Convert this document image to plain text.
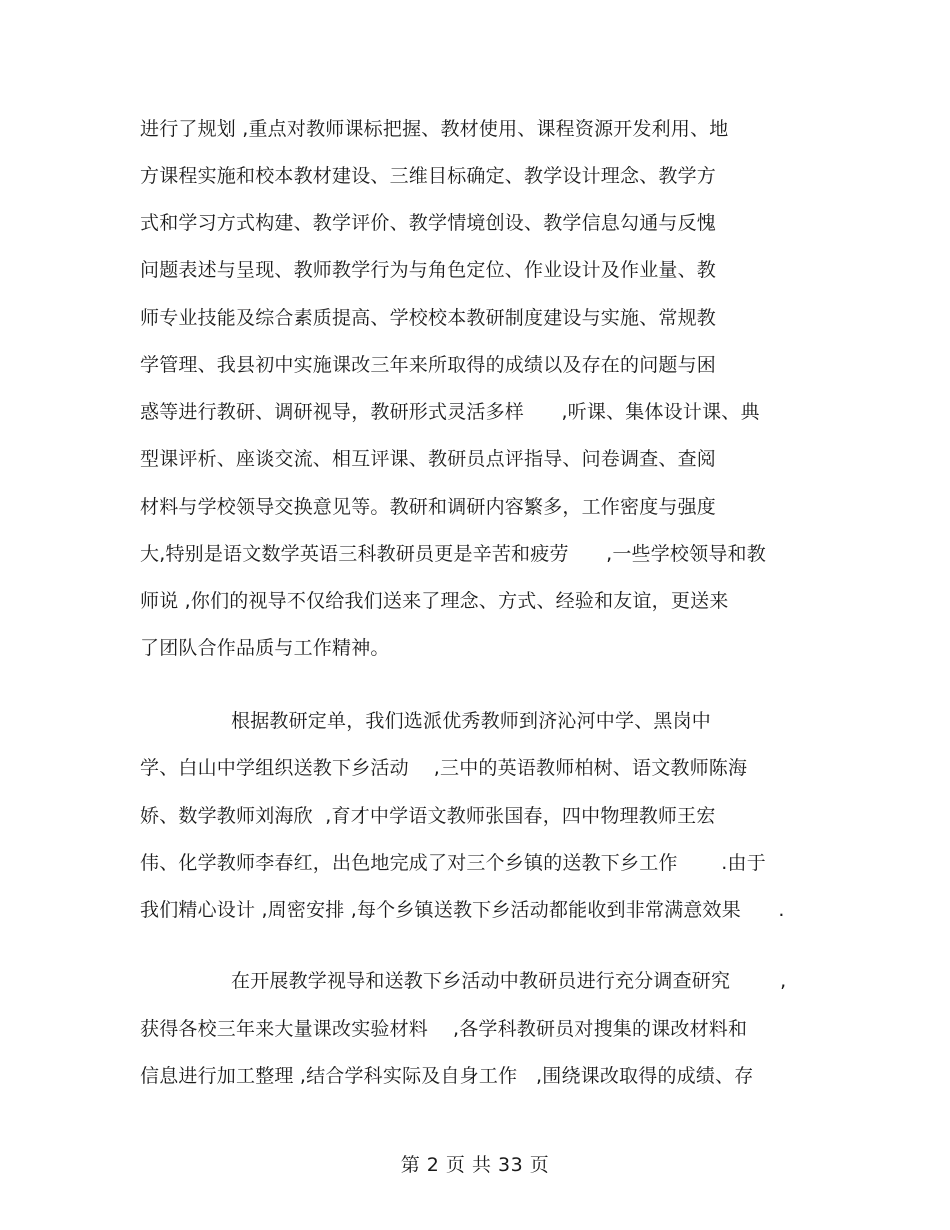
进行了规划 ,重点对教师课标把握、教材使用、课程资源开发利用、地
方课程实施和校本教材建设、三维目标确定、教学设计理念、教学方
式和学习方式构建、教学评价、教学情境创设、教学信息勾通与反愧
问题表述与呈现、教师教学行为与角色定位、作业设计及作业量、教
师专业技能及综合素质提高、学校校本教研制度建设与实施、常规教
学管理、我县初中实施课改三年来所取得的成绩以及存在的问题与困
惑等进行教研、调研视导，教研形式灵活多样      ,听课、集体设计课、典
型课评析、座谈交流、相互评课、教研员点评指导、问卷调查、查阅
材料与学校领导交换意见等。教研和调研内容繁多，工作密度与强度
大,特别是语文数学英语三科教研员更是辛苦和疲劳      ,一些学校领导和教
师说 ,你们的视导不仅给我们送来了理念、方式、经验和友谊，更送来
了团队合作品质与工作精神。
根据教研定单，我们选派优秀教师到济沁河中学、黑岗中
学、白山中学组织送教下乡活动    ,三中的英语教师柏树、语文教师陈海
娇、数学教师刘海欣  ,育才中学语文教师张国春，四中物理教师王宏
伟、化学教师李春红，出色地完成了对三个乡镇的送教下乡工作       .由于
我们精心设计 ,周密安排 ,每个乡镇送教下乡活动都能收到非常满意效果      .
在开展教学视导和送教下乡活动中教研员进行充分调查研究        ,
获得各校三年来大量课改实验材料    ,各学科教研员对搜集的课改材料和
信息进行加工整理 ,结合学科实际及自身工作   ,围绕课改取得的成绩、存
第 2 页 共 33 页
